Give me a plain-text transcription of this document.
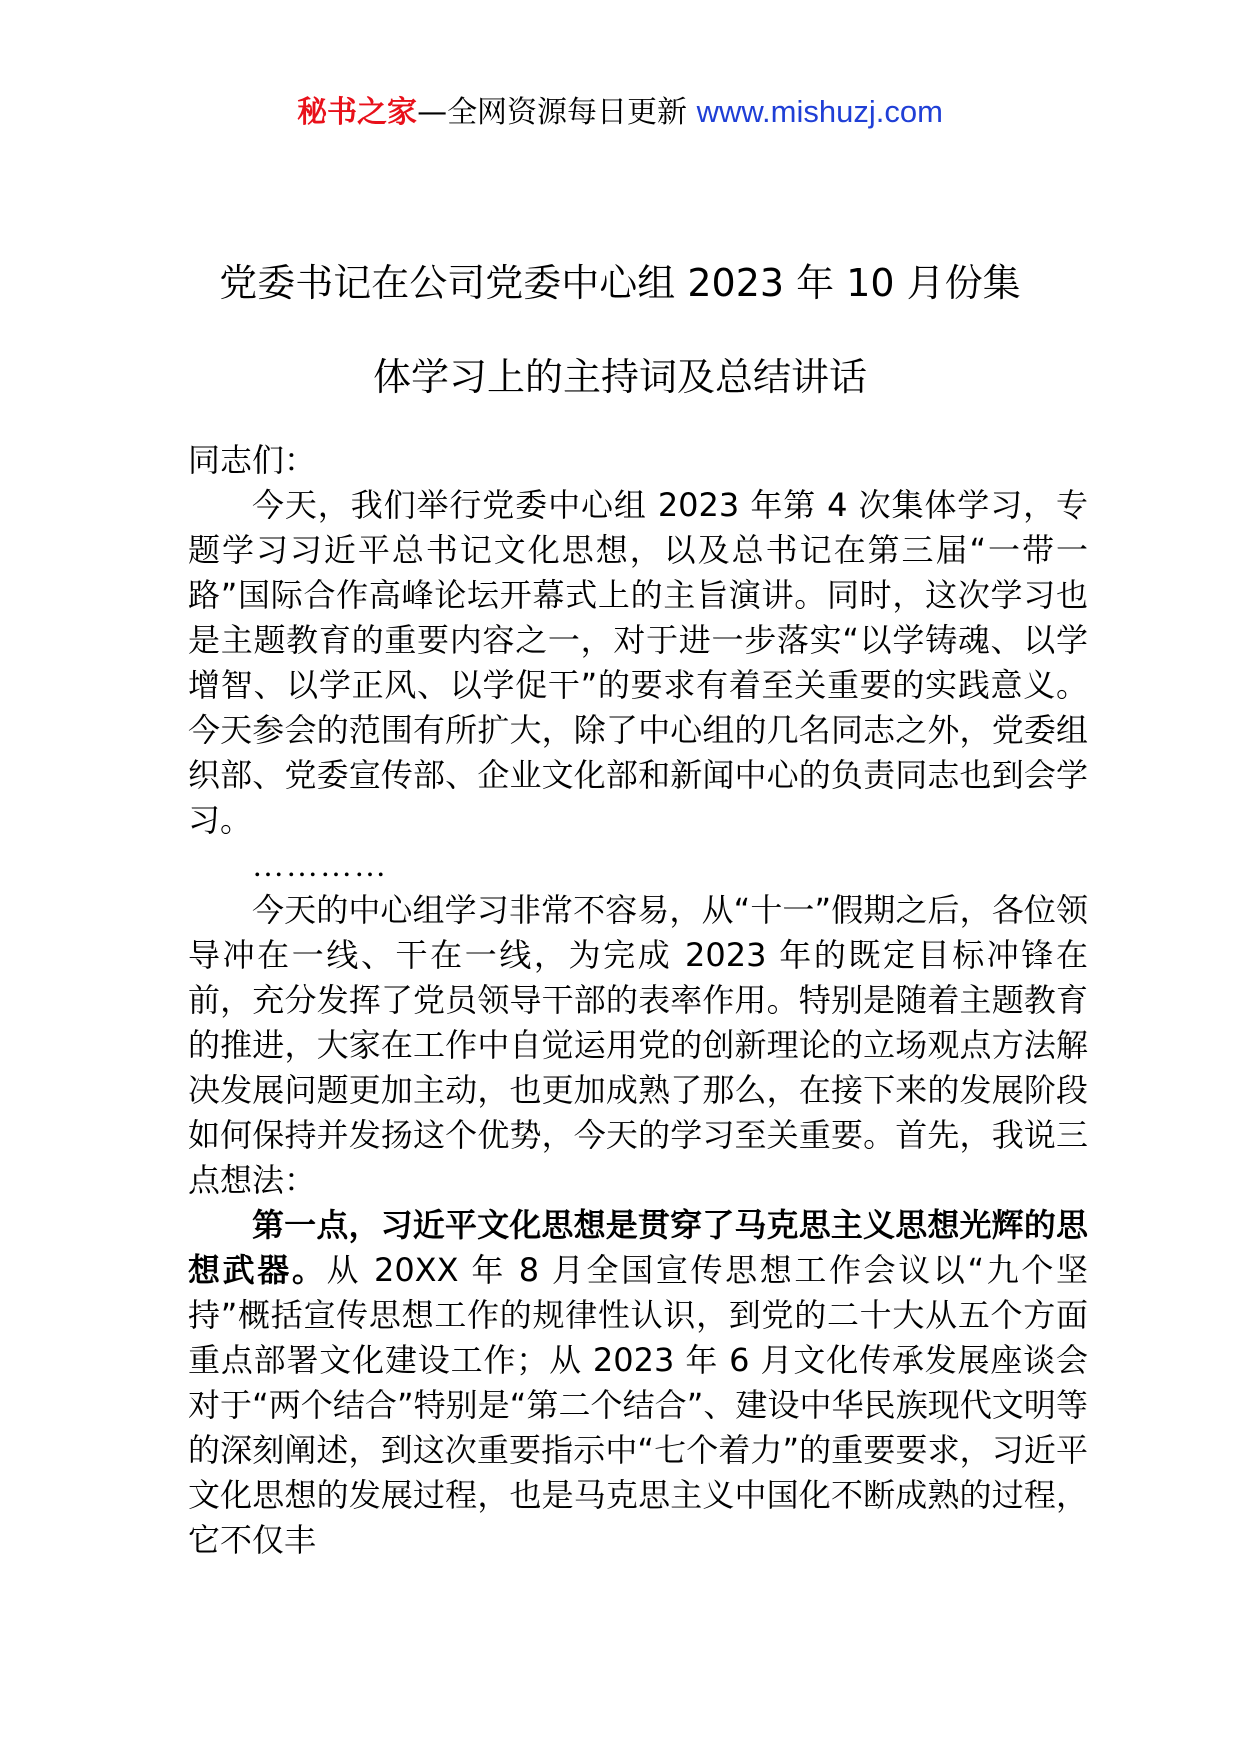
秘书之家—全网资源每日更新 www.mishuzj.com
党委书记在公司党委中心组 2023 年 10 月份集
体学习上的主持词及总结讲话

同志们：

今天，我们举行党委中心组 2023 年第 4 次集体学习，专题学习习近平总书记文化思想，以及总书记在第三届“一带一路”国际合作高峰论坛开幕式上的主旨演讲。同时，这次学习也是主题教育的重要内容之一，对于进一步落实“以学铸魂、以学增智、以学正风、以学促干”的要求有着至关重要的实践意义。今天参会的范围有所扩大，除了中心组的几名同志之外，党委组织部、党委宣传部、企业文化部和新闻中心的负责同志也到会学习。

…………

今天的中心组学习非常不容易，从“十一”假期之后，各位领导冲在一线、干在一线，为完成 2023 年的既定目标冲锋在前，充分发挥了党员领导干部的表率作用。特别是随着主题教育的推进，大家在工作中自觉运用党的创新理论的立场观点方法解决发展问题更加主动，也更加成熟了那么，在接下来的发展阶段如何保持并发扬这个优势，今天的学习至关重要。首先，我说三点想法：

第一点，习近平文化思想是贯穿了马克思主义思想光辉的思想武器。从 20XX 年 8 月全国宣传思想工作会议以“九个坚持”概括宣传思想工作的规律性认识，到党的二十大从五个方面重点部署文化建设工作；从 2023 年 6 月文化传承发展座谈会对于“两个结合”特别是“第二个结合”、建设中华民族现代文明等的深刻阐述，到这次重要指示中“七个着力”的重要要求，习近平文化思想的发展过程，也是马克思主义中国化不断成熟的过程，它不仅丰
